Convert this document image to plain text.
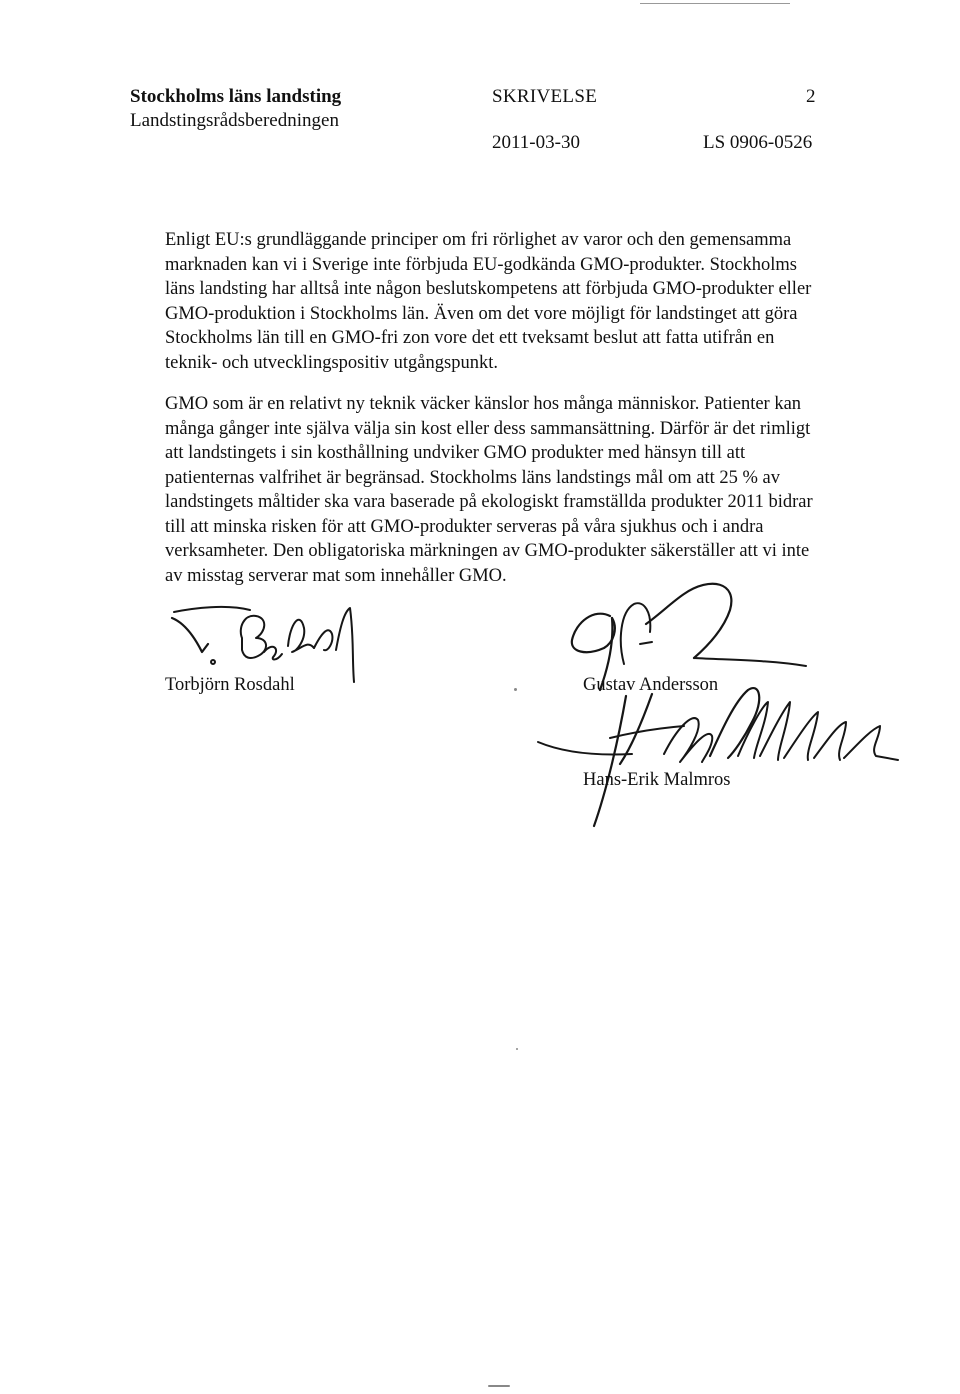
Stockholms läns landsting
Landstingsrådsberedningen
SKRIVELSE	2
2011-03-30	LS 0906-0526

Enligt EU:s grundläggande principer om fri rörlighet av varor och den gemensamma marknaden kan vi i Sverige inte förbjuda EU-godkända GMO-produkter. Stockholms läns landsting har alltså inte någon beslutskompetens att förbjuda GMO-produkter eller GMO-produktion i Stockholms län. Även om det vore möjligt för landstinget att göra Stockholms län till en GMO-fri zon vore det ett tveksamt beslut att fatta utifrån en teknik- och utvecklingspositiv utgångspunkt.

GMO som är en relativt ny teknik väcker känslor hos många människor. Patienter kan många gånger inte själva välja sin kost eller dess sammansättning. Därför är det rimligt att landstingets i sin kosthållning undviker GMO produkter med hänsyn till att patienternas valfrihet är begränsad. Stockholms läns landstings mål om att 25 % av landstingets måltider ska vara baserade på ekologiskt framställda produkter 2011 bidrar till att minska risken för att GMO-produkter serveras på våra sjukhus och i andra verksamheter. Den obligatoriska märkningen av GMO-produkter säkerställer att vi inte av misstag serverar mat som innehåller GMO.

Torbjörn Rosdahl	Gustav Andersson
Hans-Erik Malmros
